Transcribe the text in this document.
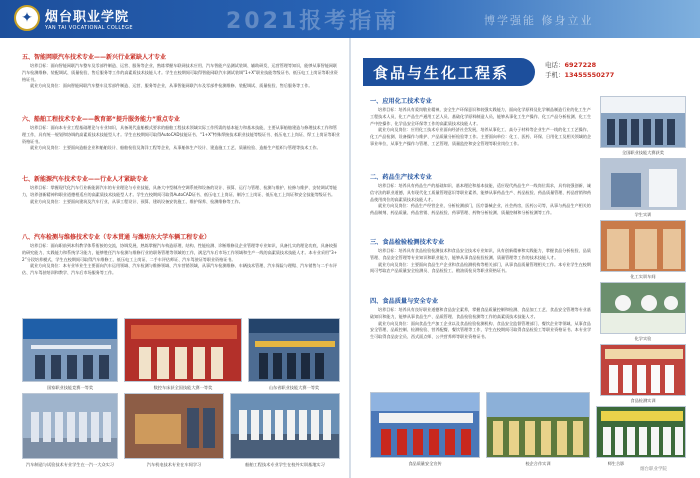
✦ 烟台职业学院
YAN TAI VOCATIONAL COLLEGE	2021报考指南	博学强能 修身立业
五、智能网联汽车技术专业——新兴行业紧缺人才专业
培养目标：面向智能网联汽车整车及零部件制造、运营、服务等企业，熟练掌握车联网技术应用、汽车智能产品测试装调、辅助研发、运营管理等知识，能够从事智能网联汽车检测维修、装配调试、质量检验、售后服务等工作的高素质技术技能人才。学生在校期间可取得智能网联汽车测试装调“1+X”职业技能等级证书、低压电工上岗证等职业资格证书。
就业方向及岗位：面向智能网联汽车整车及零部件制造、运营、服务等企业，从事智能网联汽车及零部件检测维修、装配调试、质量检验、售后服务等工作。
六、船舶工程技术专业——教育部“提升服务能力”重点专业
培养目标：面向本专业工程基础理论与专业知识，具备现代造船模式要求的船舶工程技术领域实际工作所需的基本能力和基本技能，主要从事船舶建造与修理技术工作和管理工作，具有统一规划和协调的高素质技术技能型人才。学生在校期间可取得AutoCAD技能证书、“1+X”特殊焊接技术职业技能等级证书、低压电工上岗证、焊工上岗证等职业资格证书。
就业方向及岗位：主要面向造船企业和船舶设计、船舶检验及海洋工程等企业，从事船体生产设计、建造施工工艺、质量检验、造船生产组织与管理等技术工作。
七、新能源汽车技术专业——行业人才紧缺专业
培养目标：掌握现代化汽车行业新能源汽车的专业理论与专业技能，具备大中型制冷空调系统和设备的设计、预算、运行与管理、检测与维护、检修与维护、安装调试等能力，培养创新精神和职业道德相适应的高素质技术技能型人才。学生在校期间可取得AutoCAD证书、低压电工上岗证、制冷工上岗证、低压电工上岗证和安全技能等级证书。
就业方向及岗位：主要面向建筑及汽车行业，从事工程设计、预算、建筑设备安装施工、维护保养、检测维修等工作。
八、汽车检测与维修技术专业（专本贯通 与潍坊东大学车辆工程专业）
培养目标：面向职前到本科教学体系衔接的交流，协调发展，熟练掌握汽车构造原理、结构、性能检测、诊断维修及企业管理等专业知识，具备扎实的理论功底，具备较强的研究能力、实践能力和系统学习能力，能够胜任汽车检测与维修行业的职务管理等领域的工作，满足汽车后市场工作领域和生产一线的高素质技术技能人才。本专业采用“3+2”分段培养模式，学生在校期间可取得汽车维修工、低压电工上岗证、二手车评估师证、汽车驾驶证等职业资格证书。
就业方向及岗位：本专业毕业生主要面向汽车运用领域、汽车检测与维修领域、汽车营销领域，从事汽车检测维修、车辆技术管理、汽车保险与理赔、汽车销售与二手车评估、汽车驾驶培训和教学、汽车后市场服务等工作。
国家职业技能竞赛一等奖	数控车床获全国技能大赛一等奖	山东省职业技能大赛一等奖
汽车制造与试验技术专业学生在一汽一大众实习	汽车机电技术专业在车间学习	船舶工程技术专业学生在校外实训基地实习
食品与生化工程系	电话：6927228
手机：13455550277
一、应用化工技术专业
培养目标：培养具有爱岗敬业精神，安全生产环保意识和较强实践能力，面向化学原料及化学制品制造行业的化工生产工程技术人员、化工产品生产通用工艺人员、基础化学原料制造人员，能够从事化工生产操作、化工产品分析检测、化工生产中控操作、化学品安全环保等工作的高素质技术技能人才。
就业方向及岗位：应用化工技术专业面向经济社会发展，培养从事化工、高分子材料等企业生产一线的化工工艺操作、化工产品检测、设备操作与维护、产品质量分析检验等工作。主要面向单位：化工、医药、环保、日用化工及相关领域的企事业单位，从事生产操作与管理、工艺管理、质量监控和安全管理等职业岗位工作。
二、药品生产技术专业
培养目标：培养具有药品生产的基础知识、基本理论和基本技能，适应现代药品生产一线岗位需求，具有较强创新、诚信守法的职业道德，具有现代化工质量管理意识等职业素养，能够从事药品生产、药品检验、药品质量管理、药品营销和药品使用岗位的高素质技术技能人才。
就业方向及岗位：药品生产经营企业，分析检测部门，医疗器械企业，社会药房，医药公司等，从事与药品生产相关的药品制剂、药品质量、药品营销、药品检验、药事管理、药物分析检测、质量控制和分析检测等工作。
三、食品检验检测技术专业
培养目标：培养具有食品检验检测技术和食品安全技术专业知识，具有创新精神和实践能力，掌握食品分析检验、品质管理、食品安全管理等专业知识和职业能力，能够从事食品检验检测、质量管理等工作的技术技能人才。
就业方向及岗位：主要面向食品生产企业和食品检测机构等相关部门，从事食品质量管理相关工作。本专业学生在校期间可考取农产品质量安全检测员、食品检验工、粮油质检员等职业资格证书。
四、食品质量与安全专业
培养目标：培养具有良好职业道德和食品安全素养，掌握食品质量控制和检测、食品加工工艺、食品安全管理等专业基础知识和能力，能够从事食品生产、品质管理、食品检验检测等工作的高素质技术技能人才。
就业方向及岗位：面向食品生产加工企业以及食品检验检测机构、食品安全监督管理部门、餐饮企业等领域，从事食品安全管理、品质控制、检测检验、营养配餐、餐饮管理等工作，学生在校期间可取得食品检验工等职业资格证书。本专业学生可取得食品安全员、西式面点师、公共营养师等职业资格证书。
全国职业技能大赛获奖
学生实训
化工实训车间
化学实验
食品检测实训
食品质量安全宣传	校企合作实训	师生合影
烟台职业学院
